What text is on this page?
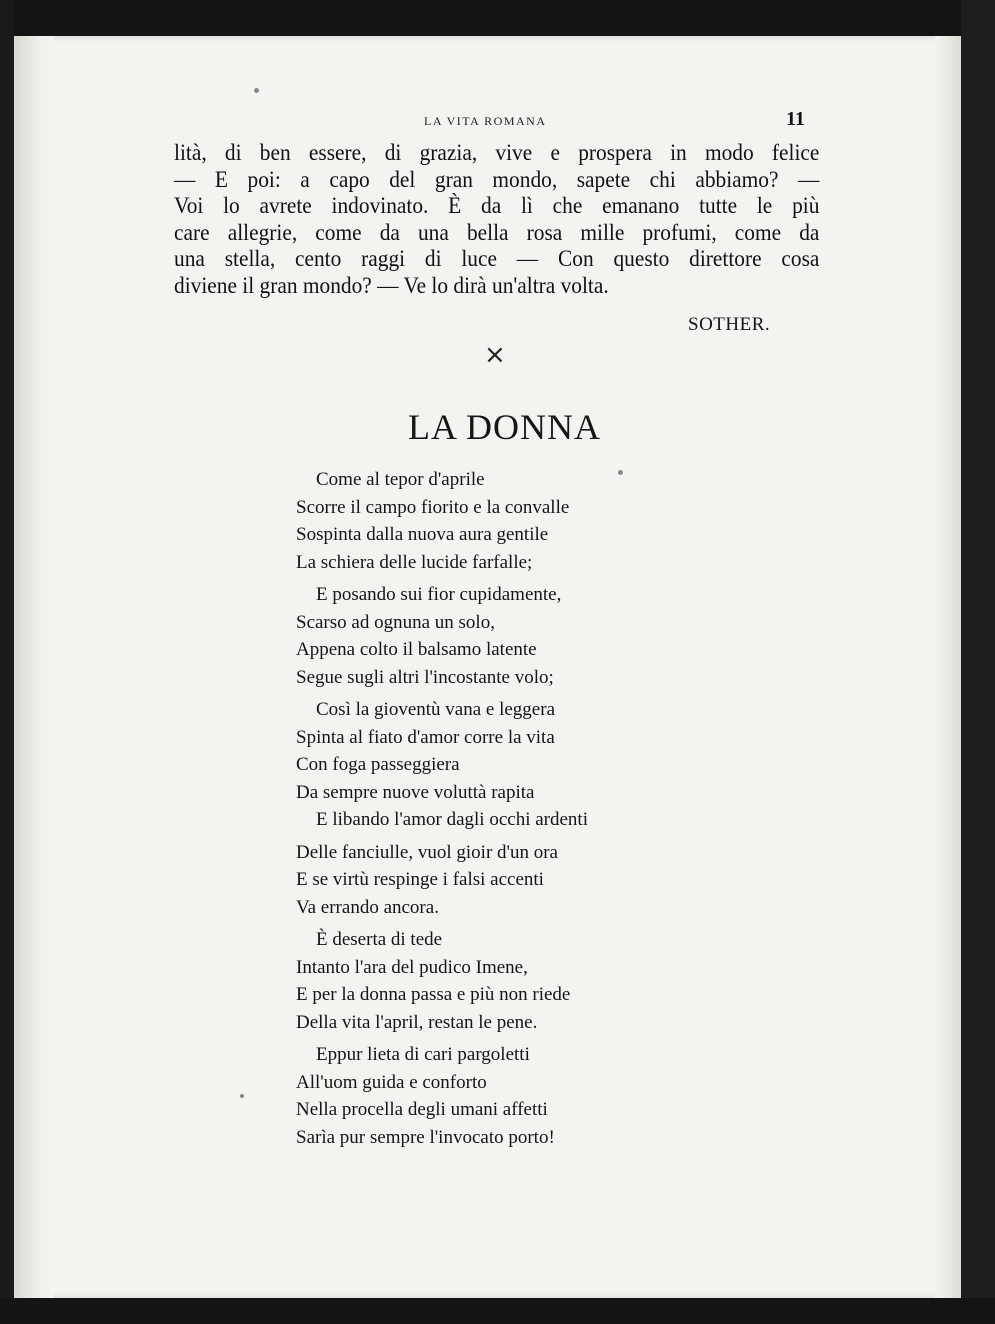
LA VITA ROMANA	11

lità, di ben essere, di grazia, vive e prospera in modo felice

— E poi: a capo del gran mondo, sapete chi abbiamo? —

Voi lo avrete indovinato. È da lì che emanano tutte le più

care allegrie, come da una bella rosa mille profumi, come da

una stella, cento raggi di luce — Con questo direttore cosa

diviene il gran mondo? — Ve lo dirà un'altra volta.

SOTHER.
×
LA DONNA
Come al tepor d'aprile
Scorre il campo fiorito e la convalle
Sospinta dalla nuova aura gentile
La schiera delle lucide farfalle;
E posando sui fior cupidamente,
Scarso ad ognuna un solo,
Appena colto il balsamo latente
Segue sugli altri l'incostante volo;
Così la gioventù vana e leggera
Spinta al fiato d'amor corre la vita
Con foga passeggiera
Da sempre nuove voluttà rapita
E libando l'amor dagli occhi ardenti
Delle fanciulle, vuol gioir d'un ora
E se virtù respinge i falsi accenti
Va errando ancora.
È deserta di tede
Intanto l'ara del pudico Imene,
E per la donna passa e più non riede
Della vita l'april, restan le pene.
Eppur lieta di cari pargoletti
All'uom guida e conforto
Nella procella degli umani affetti
Sarìa pur sempre l'invocato porto!
